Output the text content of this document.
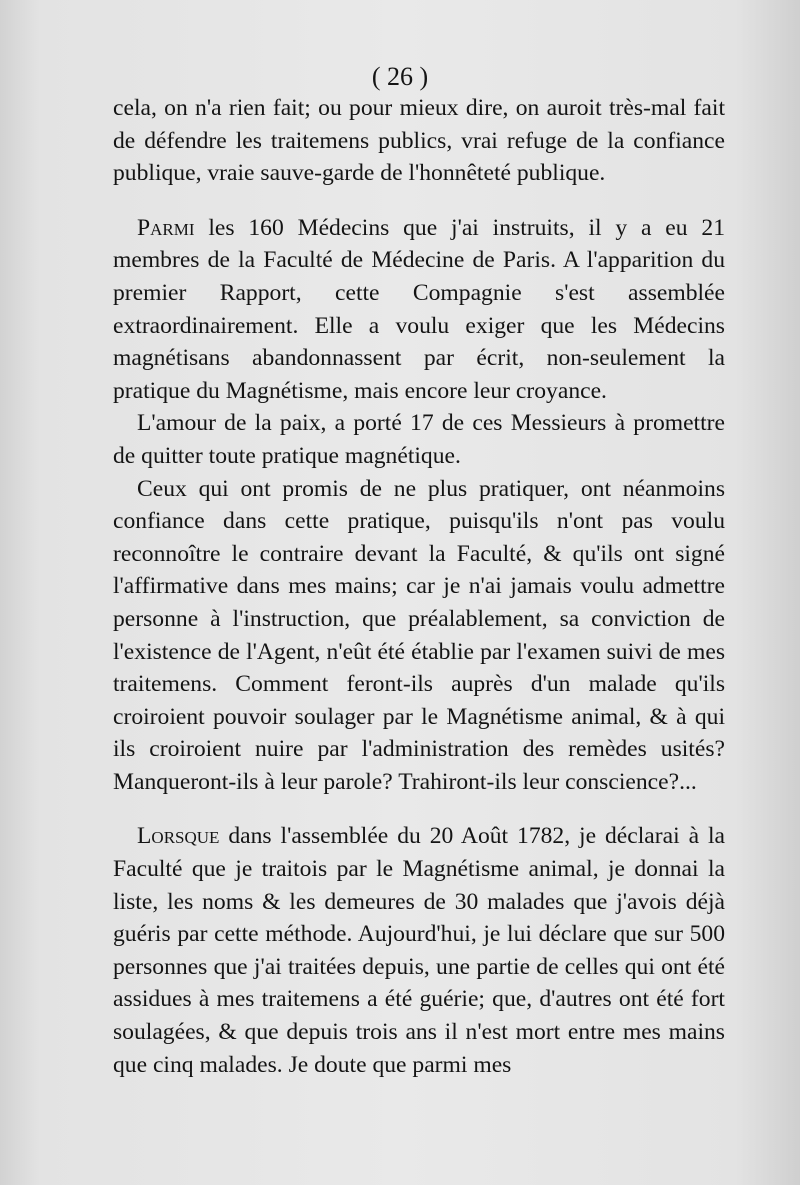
( 26 )

cela, on n'a rien fait; ou pour mieux dire, on auroit très-mal fait de défendre les traitemens publics, vrai refuge de la confiance publique, vraie sauve-garde de l'honnêteté publique.

Parmi les 160 Médecins que j'ai instruits, il y a eu 21 membres de la Faculté de Médecine de Paris. A l'apparition du premier Rapport, cette Compagnie s'est assemblée extraordinairement. Elle a voulu exiger que les Médecins magnétisans abandonnassent par écrit, non-seulement la pratique du Magnétisme, mais encore leur croyance.

L'amour de la paix, a porté 17 de ces Messieurs à promettre de quitter toute pratique magnétique.

Ceux qui ont promis de ne plus pratiquer, ont néanmoins confiance dans cette pratique, puisqu'ils n'ont pas voulu reconnoître le contraire devant la Faculté, & qu'ils ont signé l'affirmative dans mes mains; car je n'ai jamais voulu admettre personne à l'instruction, que préalablement, sa conviction de l'existence de l'Agent, n'eût été établie par l'examen suivi de mes traitemens. Comment feront-ils auprès d'un malade qu'ils croiroient pouvoir soulager par le Magnétisme animal, & à qui ils croiroient nuire par l'administration des remèdes usités? Manqueront-ils à leur parole? Trahiront-ils leur conscience?...

Lorsque dans l'assemblée du 20 Août 1782, je déclarai à la Faculté que je traitois par le Magnétisme animal, je donnai la liste, les noms & les demeures de 30 malades que j'avois déjà guéris par cette méthode. Aujourd'hui, je lui déclare que sur 500 personnes que j'ai traitées depuis, une partie de celles qui ont été assidues à mes traitemens a été guérie; que, d'autres ont été fort soulagées, & que depuis trois ans il n'est mort entre mes mains que cinq malades. Je doute que parmi mes
